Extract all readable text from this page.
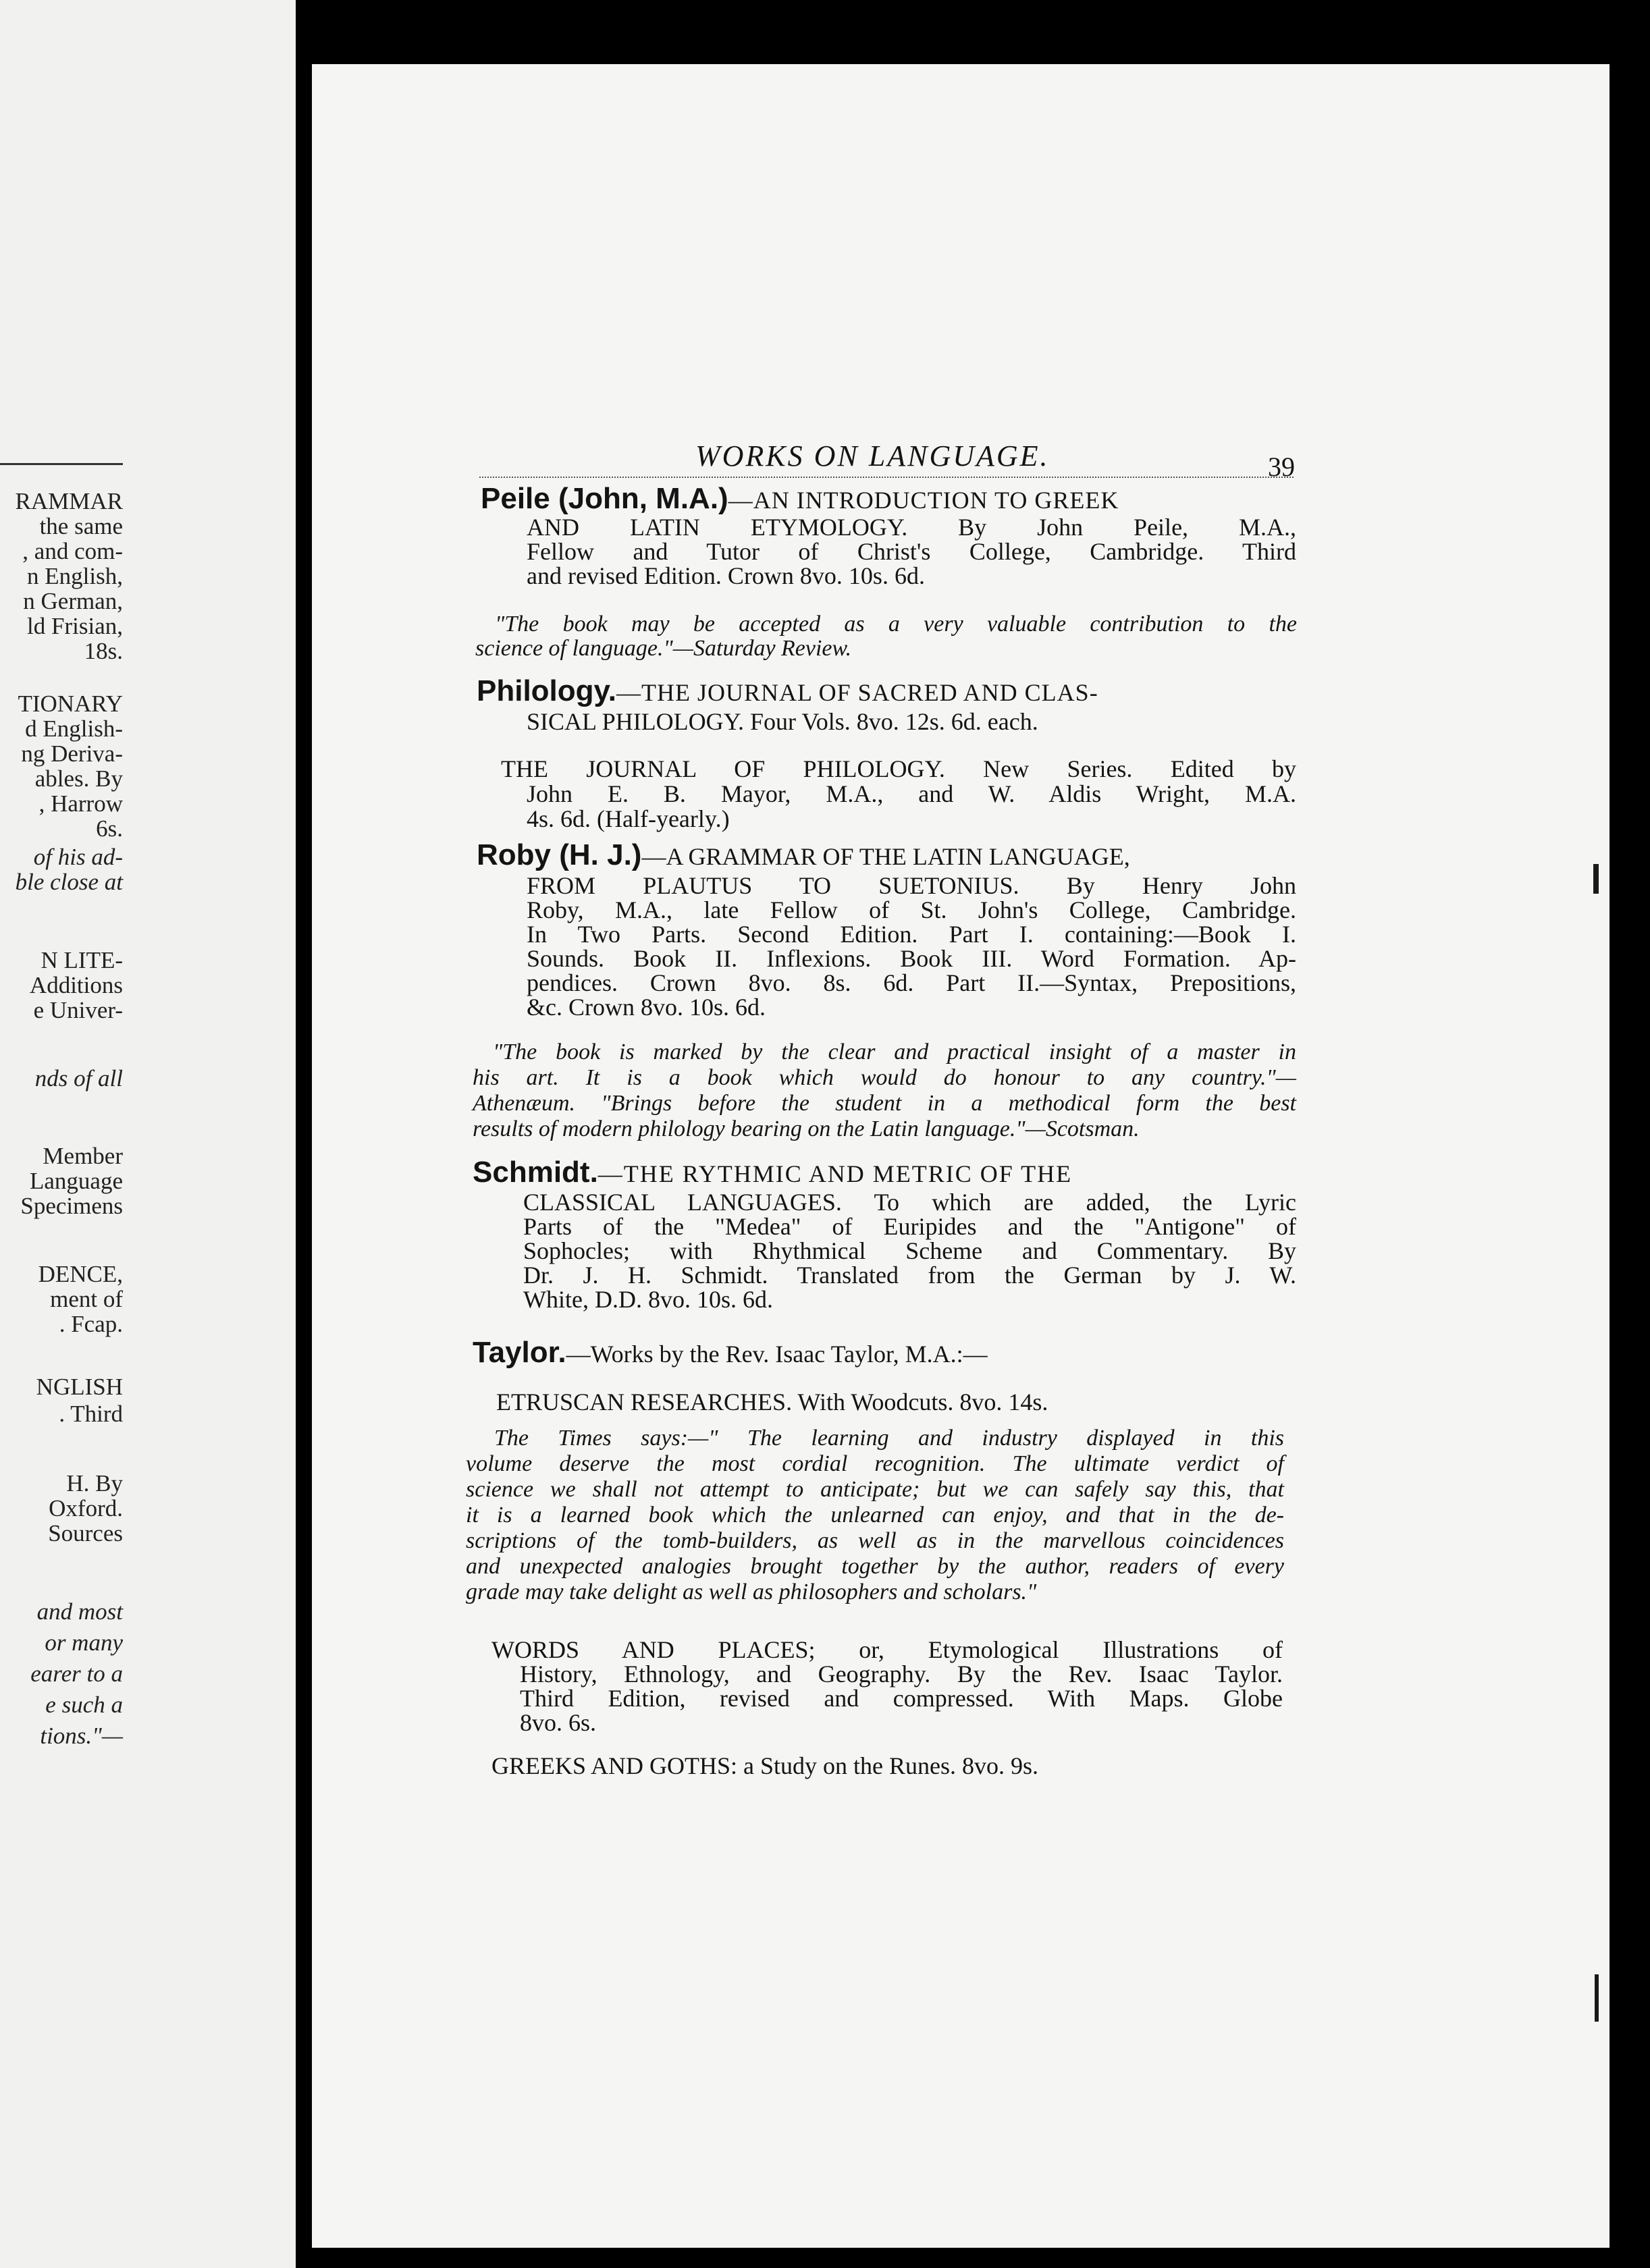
RAMMAR
the same
, and com-
n English,
n German,
ld Frisian,
18s.
TIONARY
d English-
ng Deriva-
ables. By
, Harrow
6s.
of his ad-
ble close at
N LITE-
Additions
e Univer-
nds of all
Member
Language
Specimens
DENCE,
ment of
. Fcap.
NGLISH
. Third
H. By
Oxford.
Sources
and most
or many
earer to a
e such a
tions."—
WORKS ON LANGUAGE.	39
Peile (John, M.A.)—AN INTRODUCTION TO GREEK
AND LATIN ETYMOLOGY. By John Peile, M.A.,
Fellow and Tutor of Christ's College, Cambridge. Third
and revised Edition. Crown 8vo. 10s. 6d.
"The book may be accepted as a very valuable contribution to the
science of language."—Saturday Review.
Philology.—THE JOURNAL OF SACRED AND CLAS-
SICAL PHILOLOGY. Four Vols. 8vo. 12s. 6d. each.
THE JOURNAL OF PHILOLOGY. New Series. Edited by
John E. B. Mayor, M.A., and W. Aldis Wright, M.A.
4s. 6d. (Half-yearly.)
Roby (H. J.)—A GRAMMAR OF THE LATIN LANGUAGE,
FROM PLAUTUS TO SUETONIUS. By Henry John
Roby, M.A., late Fellow of St. John's College, Cambridge.
In Two Parts. Second Edition. Part I. containing:—Book I.
Sounds. Book II. Inflexions. Book III. Word Formation. Ap-
pendices. Crown 8vo. 8s. 6d. Part II.—Syntax, Prepositions,
&c. Crown 8vo. 10s. 6d.
"The book is marked by the clear and practical insight of a master in
his art. It is a book which would do honour to any country."—
Athenæum. "Brings before the student in a methodical form the best
results of modern philology bearing on the Latin language."—Scotsman.
Schmidt.—THE RYTHMIC AND METRIC OF THE
CLASSICAL LANGUAGES. To which are added, the Lyric
Parts of the "Medea" of Euripides and the "Antigone" of
Sophocles; with Rhythmical Scheme and Commentary. By
Dr. J. H. Schmidt. Translated from the German by J. W.
White, D.D. 8vo. 10s. 6d.
Taylor.—Works by the Rev. Isaac Taylor, M.A.:—
ETRUSCAN RESEARCHES. With Woodcuts. 8vo. 14s.
The Times says:—" The learning and industry displayed in this
volume deserve the most cordial recognition. The ultimate verdict of
science we shall not attempt to anticipate; but we can safely say this, that
it is a learned book which the unlearned can enjoy, and that in the de-
scriptions of the tomb-builders, as well as in the marvellous coincidences
and unexpected analogies brought together by the author, readers of every
grade may take delight as well as philosophers and scholars."
WORDS AND PLACES; or, Etymological Illustrations of
History, Ethnology, and Geography. By the Rev. Isaac Taylor.
Third Edition, revised and compressed. With Maps. Globe
8vo. 6s.
GREEKS AND GOTHS: a Study on the Runes. 8vo. 9s.
